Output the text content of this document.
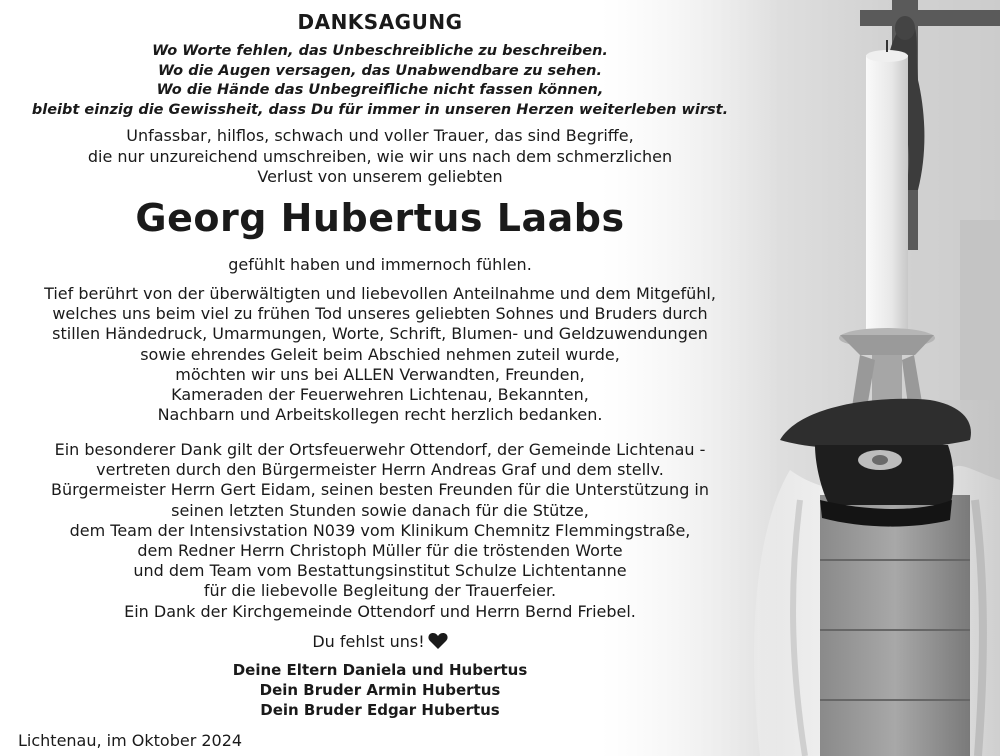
DANKSAGUNG
Wo Worte fehlen, das Unbeschreibliche zu beschreiben.
Wo die Augen versagen, das Unabwendbare zu sehen.
Wo die Hände das Unbegreifliche nicht fassen können,
bleibt einzig die Gewissheit, dass Du für immer in unseren Herzen weiterleben wirst.
Unfassbar, hilflos, schwach und voller Trauer, das sind Begriffe,
die nur unzureichend umschreiben, wie wir uns nach dem schmerzlichen
Verlust von unserem geliebten
Georg Hubertus Laabs
gefühlt haben und immernoch fühlen.
Tief berührt von der überwältigten und liebevollen Anteilnahme und dem Mitgefühl,
welches uns beim viel zu frühen Tod unseres geliebten Sohnes und Bruders durch
stillen Händedruck, Umarmungen, Worte, Schrift, Blumen- und Geldzuwendungen
sowie ehrendes Geleit beim Abschied nehmen zuteil wurde,
möchten wir uns bei ALLEN Verwandten, Freunden,
Kameraden der Feuerwehren Lichtenau, Bekannten,
Nachbarn und Arbeitskollegen recht herzlich bedanken.
Ein besonderer Dank gilt der Ortsfeuerwehr Ottendorf, der Gemeinde Lichtenau -
vertreten durch den Bürgermeister Herrn Andreas Graf und dem stellv.
Bürgermeister Herrn Gert Eidam, seinen besten Freunden für die Unterstützung in
seinen letzten Stunden sowie danach für die Stütze,
dem Team der Intensivstation N039 vom Klinikum Chemnitz Flemmingstraße,
dem Redner Herrn Christoph Müller für die tröstenden Worte
und dem Team vom Bestattungsinstitut Schulze Lichtentanne
für die liebevolle Begleitung der Trauerfeier.
Ein Dank der Kirchgemeinde Ottendorf und Herrn Bernd Friebel.
Du fehlst uns!
Deine Eltern Daniela und Hubertus
Dein Bruder Armin Hubertus
Dein Bruder Edgar Hubertus
Lichtenau, im Oktober 2024
